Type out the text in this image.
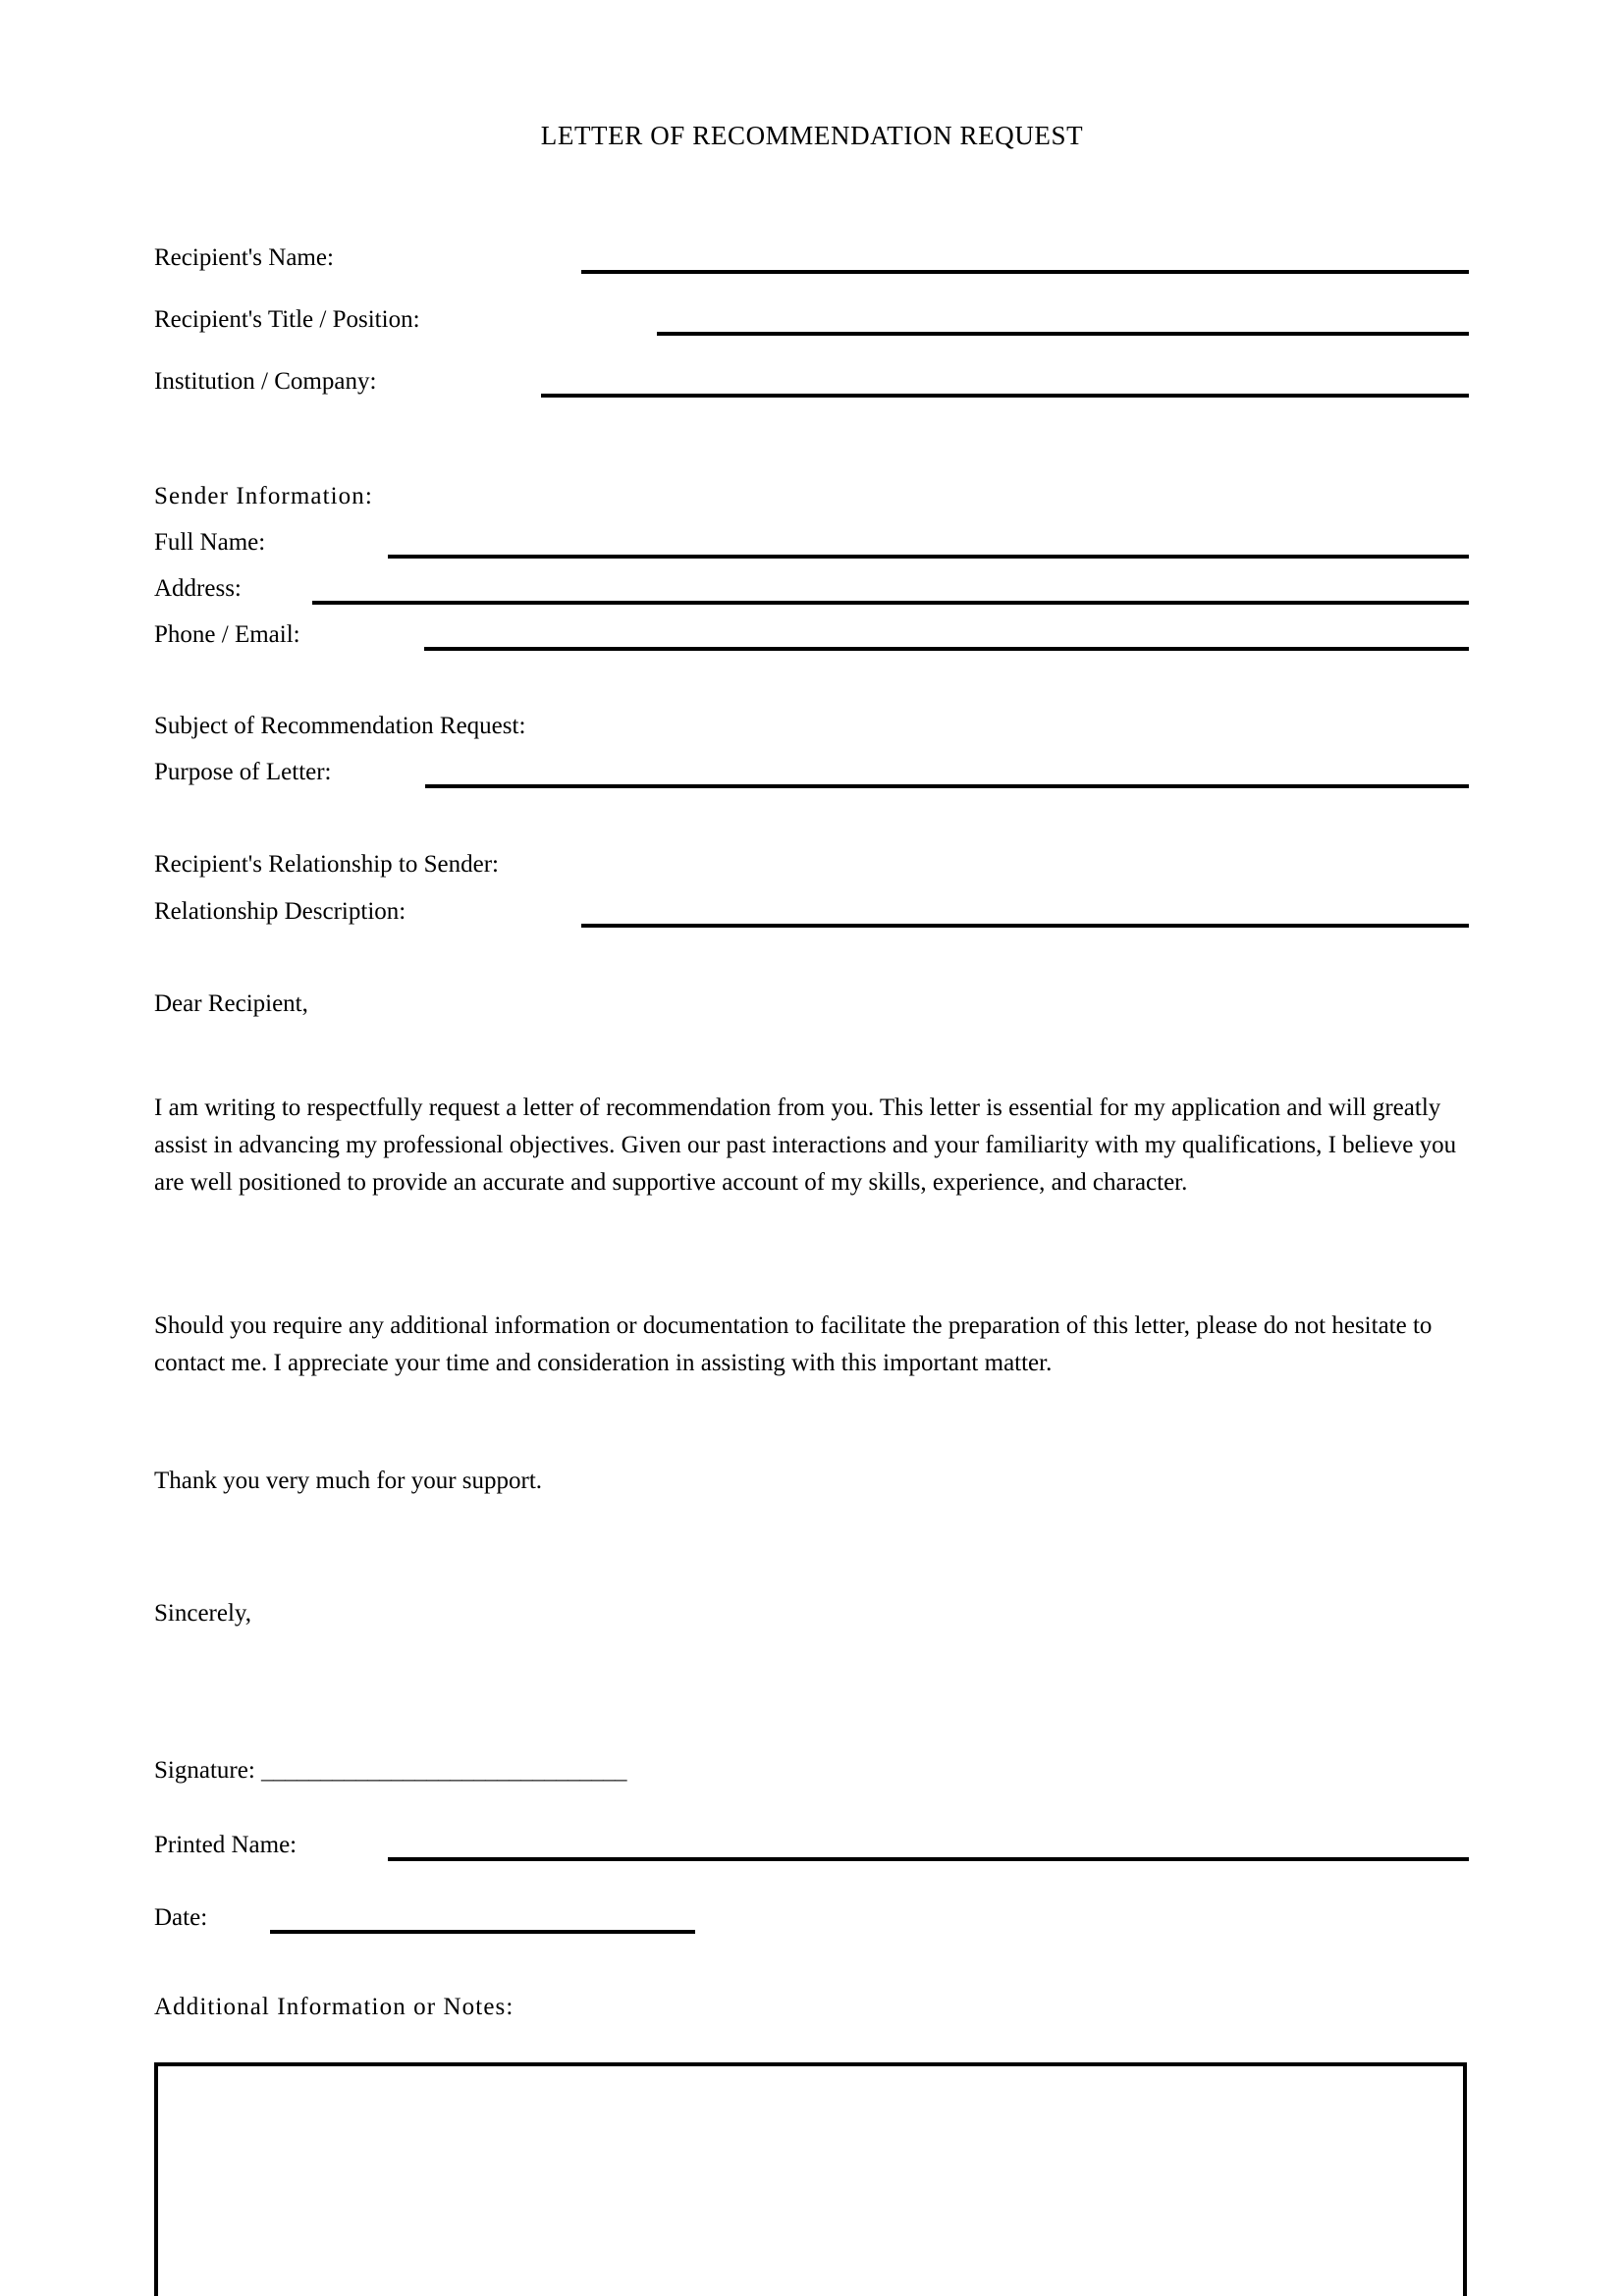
LETTER OF RECOMMENDATION REQUEST
Recipient's Name:
Recipient's Title / Position:
Institution / Company:
Sender Information:
Full Name:
Address:
Phone / Email:
Subject of Recommendation Request:
Purpose of Letter:
Recipient's Relationship to Sender:
Relationship Description:
Dear Recipient,
I am writing to respectfully request a letter of recommendation from you. This letter is essential for my application and will greatly assist in advancing my professional objectives. Given our past interactions and your familiarity with my qualifications, I believe you are well positioned to provide an accurate and supportive account of my skills, experience, and character.
Should you require any additional information or documentation to facilitate the preparation of this letter, please do not hesitate to contact me. I appreciate your time and consideration in assisting with this important matter.
Thank you very much for your support.
Sincerely,
Signature: _______________________________
Printed Name:
Date:
Additional Information or Notes:
